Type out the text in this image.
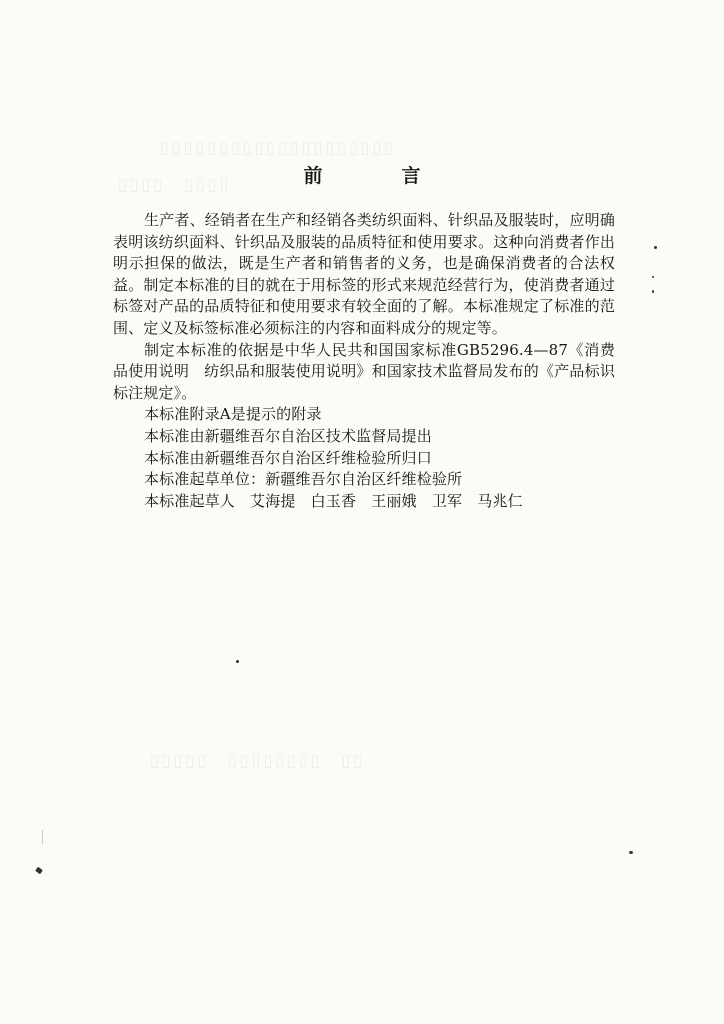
▯▯▯▯▯▯▯▯▯▯▯▯▯▯▯▯▯▯▯▯
▯▯▯▯　▯▯▯▯
▯▯▯▯▯　▯▯▯▯▯▯▯▯　▯▯
前　言

生产者、经销者在生产和经销各类纺织面料、针织品及服装时，应明确表明该纺织面料、针织品及服装的品质特征和使用要求。这种向消费者作出明示担保的做法，既是生产者和销售者的义务，也是确保消费者的合法权益。制定本标准的目的就在于用标签的形式来规范经营行为，使消费者通过标签对产品的品质特征和使用要求有较全面的了解。本标准规定了标准的范围、定义及标签标准必须标注的内容和面料成分的规定等。

制定本标准的依据是中华人民共和国国家标准GB5296.4—87《消费品使用说明　纺织品和服装使用说明》和国家技术监督局发布的《产品标识标注规定》。

本标准附录A是提示的附录
本标准由新疆维吾尔自治区技术监督局提出
本标准由新疆维吾尔自治区纤维检验所归口
本标准起草单位：新疆维吾尔自治区纤维检验所
本标准起草人　艾海提　白玉香　王丽娥　卫军　马兆仁
